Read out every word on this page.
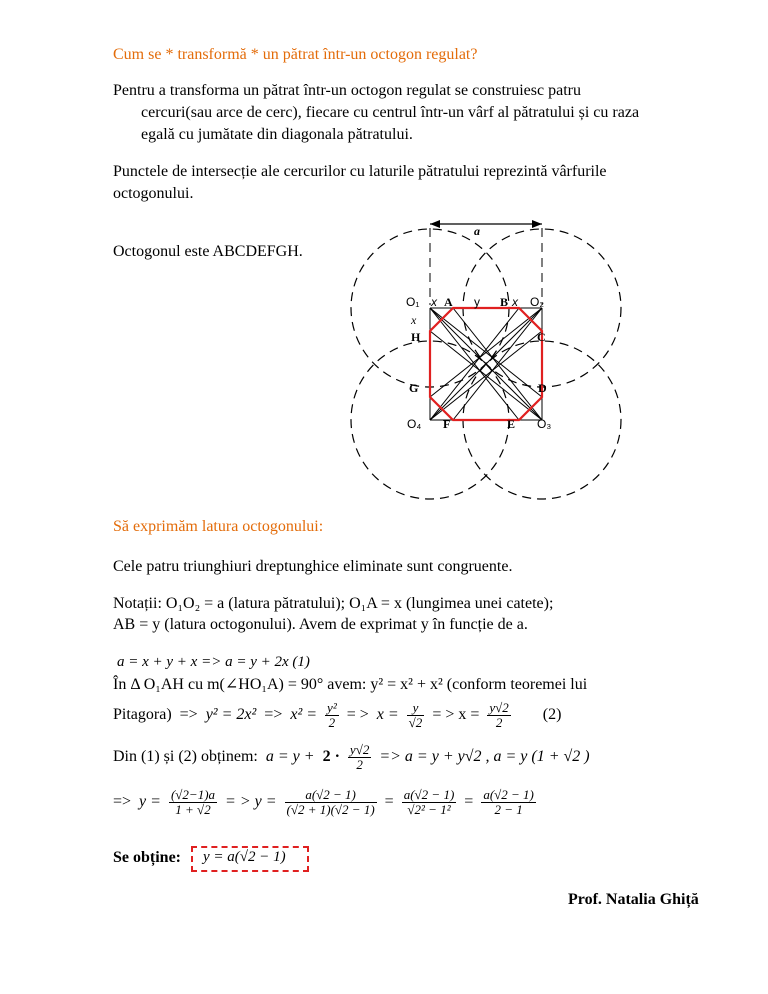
Cum se * transformă * un pătrat într-un octogon regulat?
Pentru a transforma un pătrat într-un octogon regulat se construiesc patru
cercuri(sau arce de cerc), fiecare cu centrul într-un vârf al pătratului și cu raza
egală cu jumătate din diagonala pătratului.
Punctele de intersecție ale cercurilor cu laturile pătratului reprezintă vârfurile
octogonului.
Octogonul este ABCDEFGH.
O₁ x A y B x O₂
x
H	C
G	D
O₄ F	E O₃
a
Să exprimăm latura octogonului:
Cele patru triunghiuri dreptunghice eliminate sunt congruente.
Notații: O₁O₂ = a (latura pătratului); O₁A = x (lungimea unei catete);
AB = y (latura octogonului). Avem de exprimat y în funcție de a.
a = x + y + x => a = y + 2x (1)
În Δ O₁AH cu m(∠HO₁A) = 90° avem: y² = x² + x² (conform teoremei lui
Pitagora) => $y^2 = 2x^2 => x^2 = \frac{\text{y²}}{2}$ = > $x = \frac{y}{√2}$ = > $x = \frac{y√2}{2} (2)$
Din (1) și (2) obținem: $a = y + 2 \cdot \frac{y√2}{2} => a = y + y√2$ , a = y (1 + √2 )
=> $y = \frac{(√2-1)a}{1 + √2}$ = > $y = \frac{a(√2 - 1)}{(√2 + 1)(√2 - 1)} = \frac{a(√2 - 1)}{\text{√2² − 1²}} = \frac{a(√2 - 1)}{2 - 1}$
Se obține: y = a(√2 − 1)
Prof. Natalia Ghiță
